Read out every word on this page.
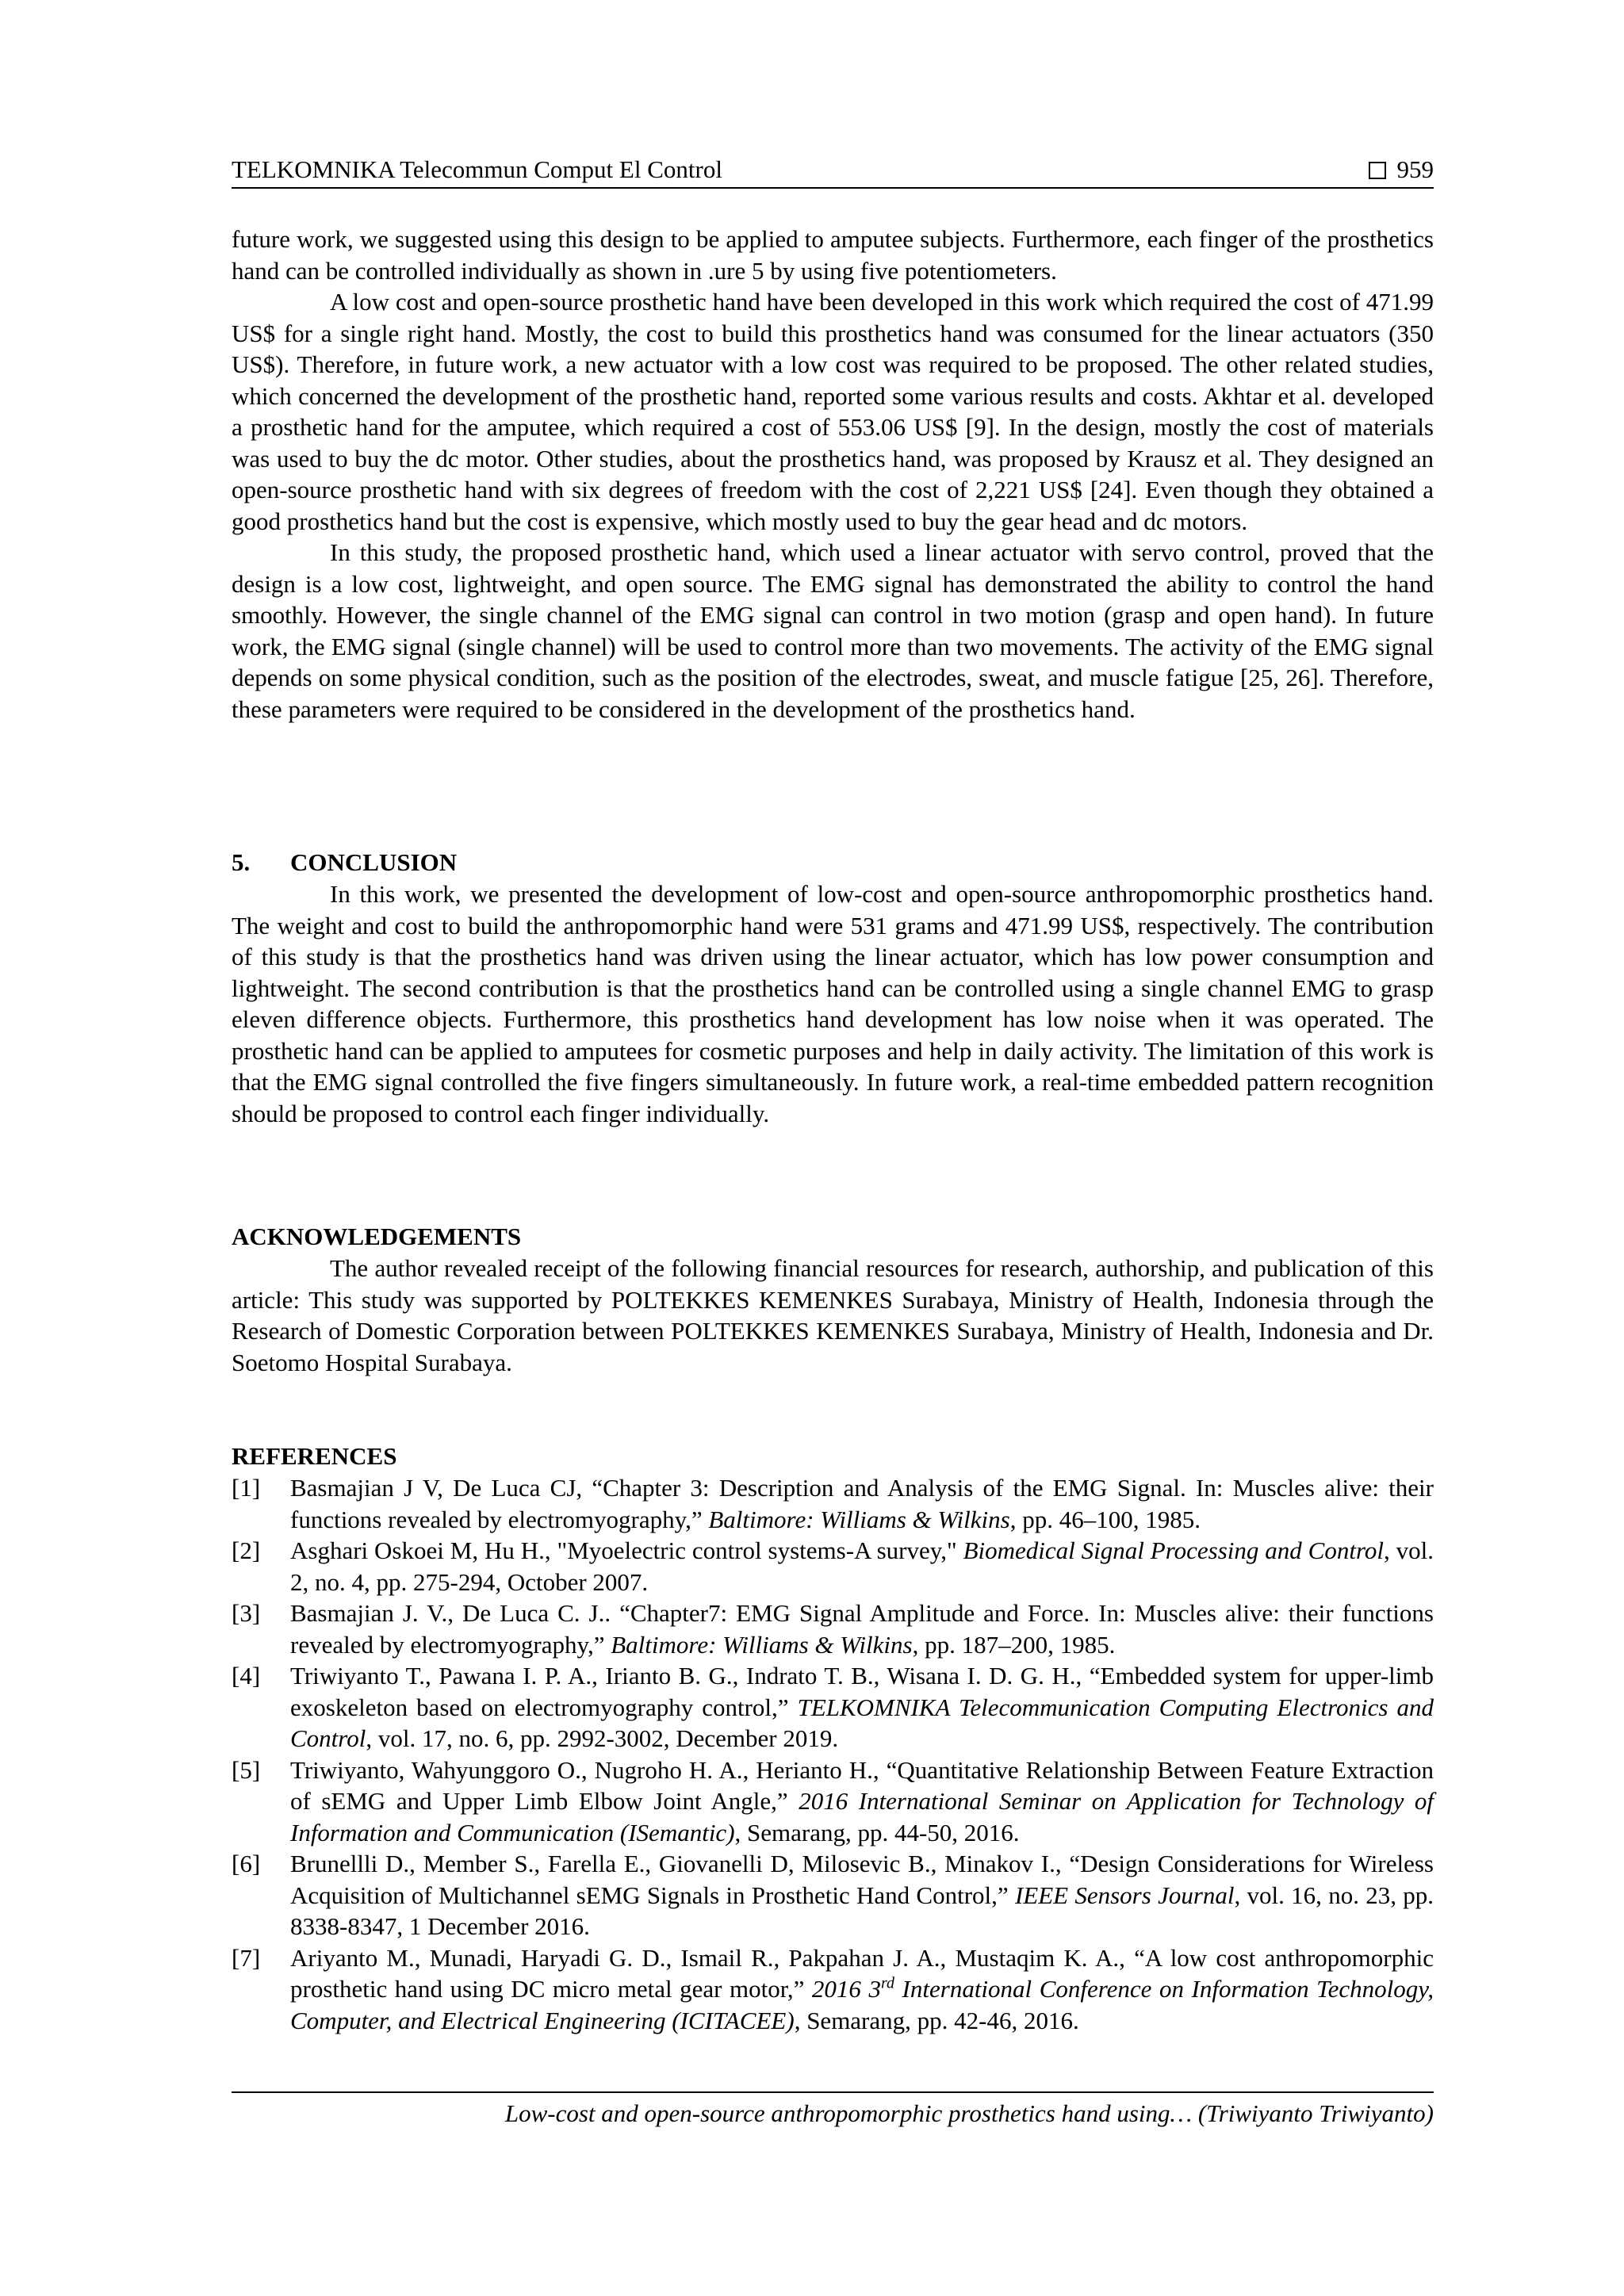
TELKOMNIKA Telecommun Comput El Control	959

future work, we suggested using this design to be applied to amputee subjects. Furthermore, each finger of the prosthetics hand can be controlled individually as shown in .ure 5 by using five potentiometers.

A low cost and open-source prosthetic hand have been developed in this work which required the cost of 471.99 US$ for a single right hand. Mostly, the cost to build this prosthetics hand was consumed for the linear actuators (350 US$). Therefore, in future work, a new actuator with a low cost was required to be proposed. The other related studies, which concerned the development of the prosthetic hand, reported some various results and costs. Akhtar et al. developed a prosthetic hand for the amputee, which required a cost of 553.06 US$ [9]. In the design, mostly the cost of materials was used to buy the dc motor. Other studies, about the prosthetics hand, was proposed by Krausz et al. They designed an open-source prosthetic hand with six degrees of freedom with the cost of 2,221 US$ [24]. Even though they obtained a good prosthetics hand but the cost is expensive, which mostly used to buy the gear head and dc motors.

In this study, the proposed prosthetic hand, which used a linear actuator with servo control, proved that the design is a low cost, lightweight, and open source. The EMG signal has demonstrated the ability to control the hand smoothly. However, the single channel of the EMG signal can control in two motion (grasp and open hand). In future work, the EMG signal (single channel) will be used to control more than two movements. The activity of the EMG signal depends on some physical condition, such as the position of the electrodes, sweat, and muscle fatigue [25, 26]. Therefore, these parameters were required to be considered in the development of the prosthetics hand.

5.	CONCLUSION

In this work, we presented the development of low-cost and open-source anthropomorphic prosthetics hand. The weight and cost to build the anthropomorphic hand were 531 grams and 471.99 US$, respectively. The contribution of this study is that the prosthetics hand was driven using the linear actuator, which has low power consumption and lightweight. The second contribution is that the prosthetics hand can be controlled using a single channel EMG to grasp eleven difference objects. Furthermore, this prosthetics hand development has low noise when it was operated. The prosthetic hand can be applied to amputees for cosmetic purposes and help in daily activity. The limitation of this work is that the EMG signal controlled the five fingers simultaneously. In future work, a real-time embedded pattern recognition should be proposed to control each finger individually.

ACKNOWLEDGEMENTS

The author revealed receipt of the following financial resources for research, authorship, and publication of this article: This study was supported by POLTEKKES KEMENKES Surabaya, Ministry of Health, Indonesia through the Research of Domestic Corporation between POLTEKKES KEMENKES Surabaya, Ministry of Health, Indonesia and Dr. Soetomo Hospital Surabaya.

REFERENCES
[1]	Basmajian J V, De Luca CJ, “Chapter 3: Description and Analysis of the EMG Signal. In: Muscles alive: their functions revealed by electromyography,” Baltimore: Williams & Wilkins, pp. 46–100, 1985.
[2]	Asghari Oskoei M, Hu H., "Myoelectric control systems-A survey," Biomedical Signal Processing and Control, vol. 2, no. 4, pp. 275-294, October 2007.
[3]	Basmajian J. V., De Luca C. J.. “Chapter7: EMG Signal Amplitude and Force. In: Muscles alive: their functions revealed by electromyography,” Baltimore: Williams & Wilkins, pp. 187–200, 1985.
[4]	Triwiyanto T., Pawana I. P. A., Irianto B. G., Indrato T. B., Wisana I. D. G. H., “Embedded system for upper-limb exoskeleton based on electromyography control,” TELKOMNIKA Telecommunication Computing Electronics and Control, vol. 17, no. 6, pp. 2992-3002, December 2019.
[5]	Triwiyanto, Wahyunggoro O., Nugroho H. A., Herianto H., “Quantitative Relationship Between Feature Extraction of sEMG and Upper Limb Elbow Joint Angle,” 2016 International Seminar on Application for Technology of Information and Communication (ISemantic), Semarang, pp. 44-50, 2016.
[6]	Brunellli D., Member S., Farella E., Giovanelli D, Milosevic B., Minakov I., “Design Considerations for Wireless Acquisition of Multichannel sEMG Signals in Prosthetic Hand Control,” IEEE Sensors Journal, vol. 16, no. 23, pp. 8338-8347, 1 December 2016.
[7]	Ariyanto M., Munadi, Haryadi G. D., Ismail R., Pakpahan J. A., Mustaqim K. A., “A low cost anthropomorphic prosthetic hand using DC micro metal gear motor,” 2016 3rd International Conference on Information Technology, Computer, and Electrical Engineering (ICITACEE), Semarang, pp. 42-46, 2016.
Low-cost and open-source anthropomorphic prosthetics hand using… (Triwiyanto Triwiyanto)
